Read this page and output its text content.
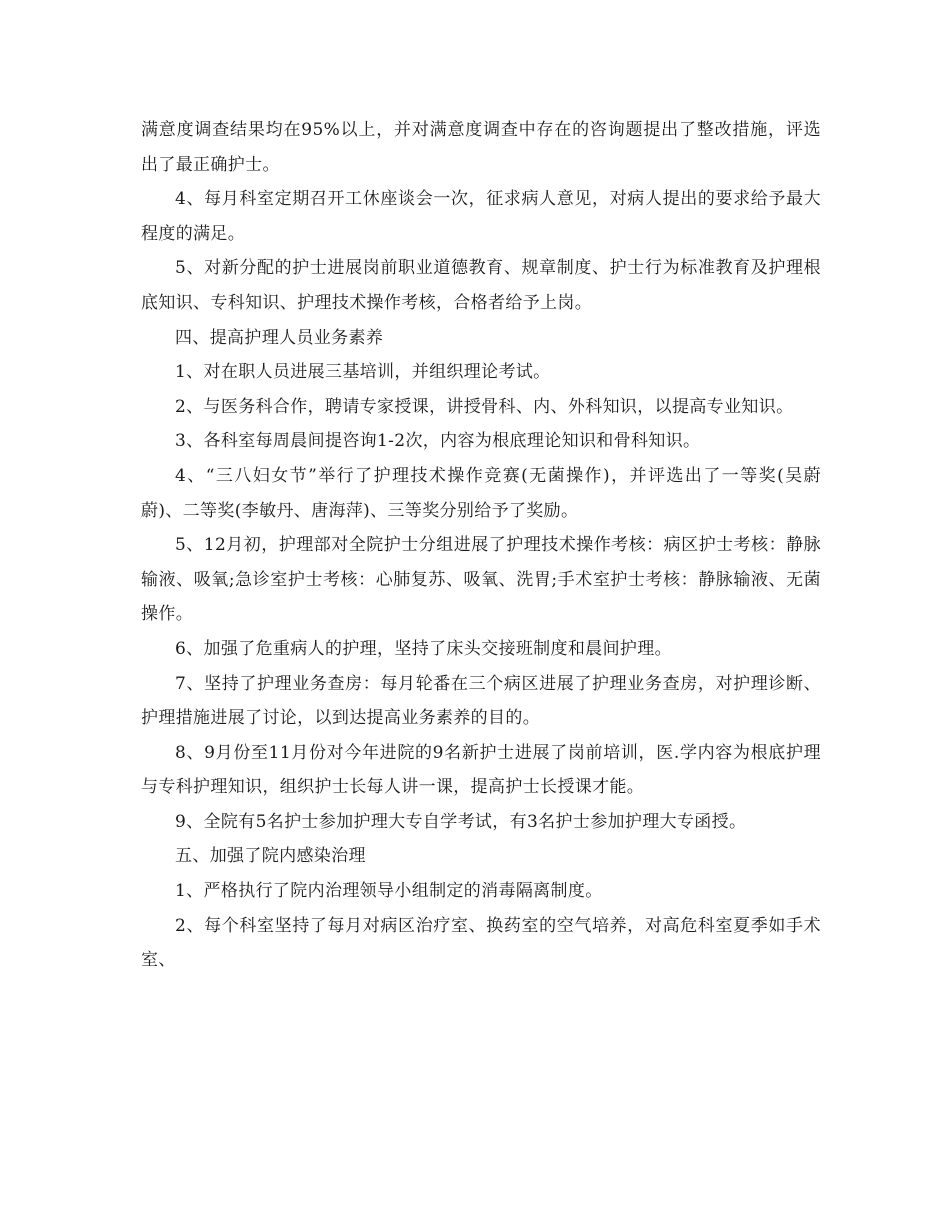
满意度调查结果均在95%以上，并对满意度调查中存在的咨询题提出了整改措施，评选出了最正确护士。

4、每月科室定期召开工休座谈会一次，征求病人意见，对病人提出的要求给予最大程度的满足。

5、对新分配的护士进展岗前职业道德教育、规章制度、护士行为标准教育及护理根底知识、专科知识、护理技术操作考核，合格者给予上岗。

四、提高护理人员业务素养

1、对在职人员进展三基培训，并组织理论考试。

2、与医务科合作，聘请专家授课，讲授骨科、内、外科知识，以提高专业知识。

3、各科室每周晨间提咨询1-2次，内容为根底理论知识和骨科知识。

4、“三八妇女节”举行了护理技术操作竞赛(无菌操作)，并评选出了一等奖(吴蔚蔚)、二等奖(李敏丹、唐海萍)、三等奖分别给予了奖励。

5、12月初，护理部对全院护士分组进展了护理技术操作考核：病区护士考核：静脉输液、吸氧;急诊室护士考核：心肺复苏、吸氧、洗胃;手术室护士考核：静脉输液、无菌操作。

6、加强了危重病人的护理，坚持了床头交接班制度和晨间护理。

7、坚持了护理业务查房：每月轮番在三个病区进展了护理业务查房，对护理诊断、护理措施进展了讨论，以到达提高业务素养的目的。

8、9月份至11月份对今年进院的9名新护士进展了岗前培训，医.学内容为根底护理与专科护理知识，组织护士长每人讲一课，提高护士长授课才能。

9、全院有5名护士参加护理大专自学考试，有3名护士参加护理大专函授。

五、加强了院内感染治理

1、严格执行了院内治理领导小组制定的消毒隔离制度。

2、每个科室坚持了每月对病区治疗室、换药室的空气培养，对高危科室夏季如手术室、
